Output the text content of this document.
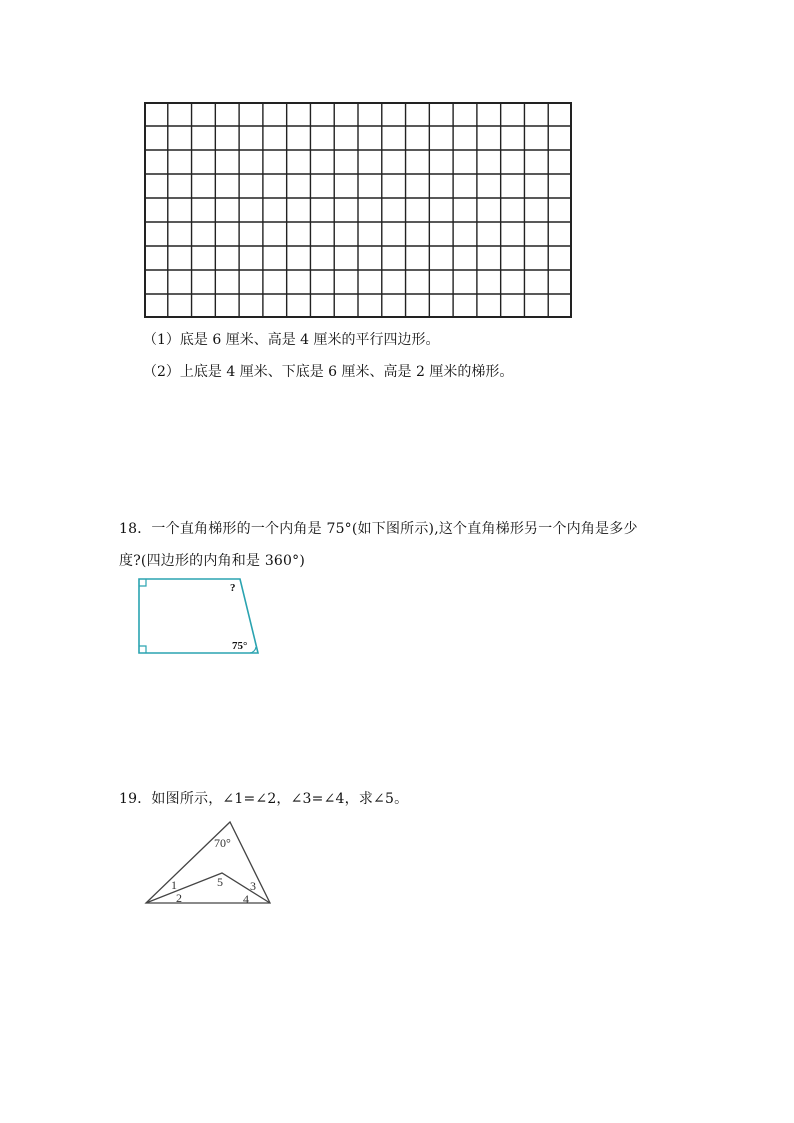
（1）底是 6 厘米、高是 4 厘米的平行四边形。
（2）上底是 4 厘米、下底是 6 厘米、高是 2 厘米的梯形。
18．一个直角梯形的一个内角是 75°(如下图所示),这个直角梯形另一个内角是多少
度?(四边形的内角和是 360°)
?
75°
19．如图所示，∠1=∠2，∠3=∠4，求∠5。
70°
1
2
5 3
4
